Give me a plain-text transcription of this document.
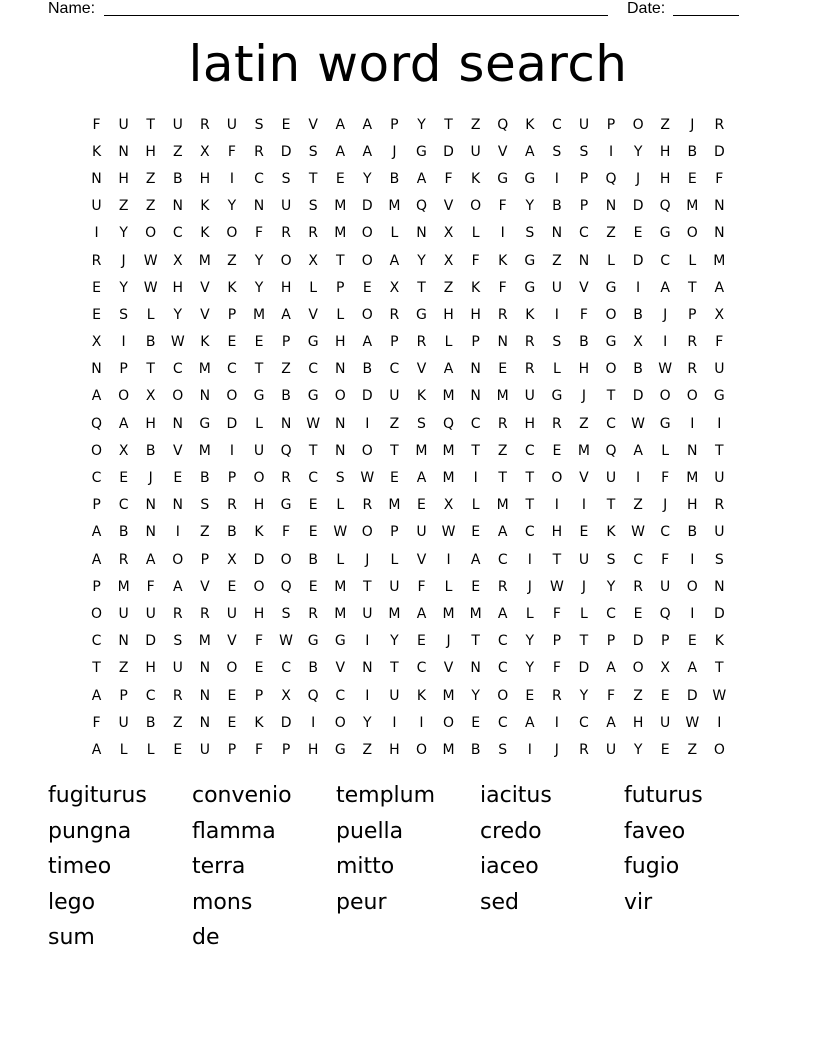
Name:	Date:
latin word search
F	U	T	U	R	U	S	E	V	A	A	P	Y	T	Z	Q	K	C	U	P	O	Z	J	R
K	N	H	Z	X	F	R	D	S	A	A	J	G	D	U	V	A	S	S	I	Y	H	B	D
N	H	Z	B	H	I	C	S	T	E	Y	B	A	F	K	G	G	I	P	Q	J	H	E	F
U	Z	Z	N	K	Y	N	U	S	M	D	M	Q	V	O	F	Y	B	P	N	D	Q	M	N
I	Y	O	C	K	O	F	R	R	M	O	L	N	X	L	I	S	N	C	Z	E	G	O	N
R	J	W	X	M	Z	Y	O	X	T	O	A	Y	X	F	K	G	Z	N	L	D	C	L	M
E	Y	W	H	V	K	Y	H	L	P	E	X	T	Z	K	F	G	U	V	G	I	A	T	A
E	S	L	Y	V	P	M	A	V	L	O	R	G	H	H	R	K	I	F	O	B	J	P	X
X	I	B	W	K	E	E	P	G	H	A	P	R	L	P	N	R	S	B	G	X	I	R	F
N	P	T	C	M	C	T	Z	C	N	B	C	V	A	N	E	R	L	H	O	B	W	R	U
A	O	X	O	N	O	G	B	G	O	D	U	K	M	N	M	U	G	J	T	D	O	O	G
Q	A	H	N	G	D	L	N	W	N	I	Z	S	Q	C	R	H	R	Z	C	W	G	I	I
O	X	B	V	M	I	U	Q	T	N	O	T	M	M	T	Z	C	E	M	Q	A	L	N	T
C	E	J	E	B	P	O	R	C	S	W	E	A	M	I	T	T	O	V	U	I	F	M	U
P	C	N	N	S	R	H	G	E	L	R	M	E	X	L	M	T	I	I	T	Z	J	H	R
A	B	N	I	Z	B	K	F	E	W	O	P	U	W	E	A	C	H	E	K	W	C	B	U
A	R	A	O	P	X	D	O	B	L	J	L	V	I	A	C	I	T	U	S	C	F	I	S
P	M	F	A	V	E	O	Q	E	M	T	U	F	L	E	R	J	W	J	Y	R	U	O	N
O	U	U	R	R	U	H	S	R	M	U	M	A	M	M	A	L	F	L	C	E	Q	I	D
C	N	D	S	M	V	F	W	G	G	I	Y	E	J	T	C	Y	P	T	P	D	P	E	K
T	Z	H	U	N	O	E	C	B	V	N	T	C	V	N	C	Y	F	D	A	O	X	A	T
A	P	C	R	N	E	P	X	Q	C	I	U	K	M	Y	O	E	R	Y	F	Z	E	D	W
F	U	B	Z	N	E	K	D	I	O	Y	I	I	O	E	C	A	I	C	A	H	U	W	I
A	L	L	E	U	P	F	P	H	G	Z	H	O	M	B	S	I	J	R	U	Y	E	Z	O
fugiturus	convenio	templum	iacitus	futurus
pungna	flamma	puella	credo	faveo
timeo	terra	mitto	iaceo	fugio
lego	mons	peur	sed	vir
sum	de
